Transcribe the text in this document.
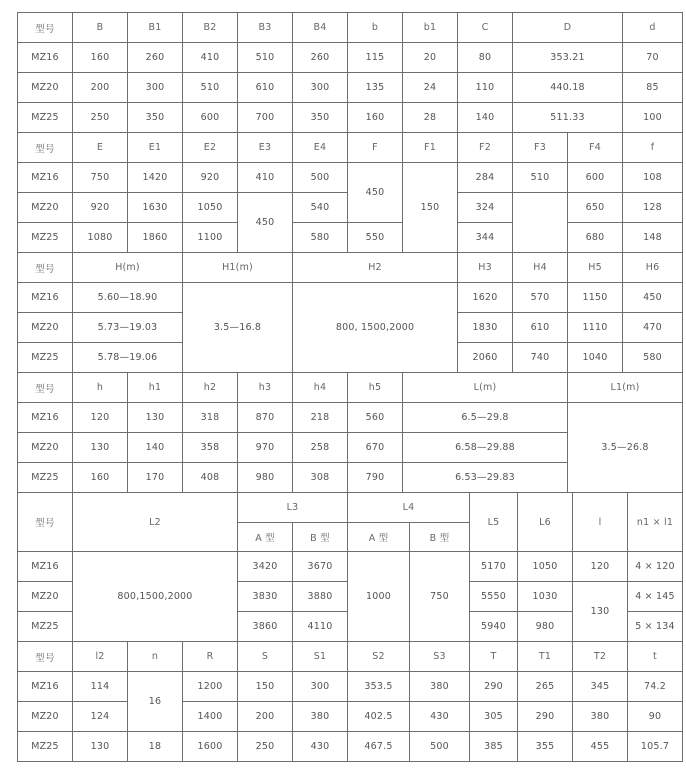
型号	B	B1	B2	B3	B4	b	b1	C	D	d
MZ16	160	260	410	510	260	115	20	80	353.21	70
MZ20	200	300	510	610	300	135	24	110	440.18	85
MZ25	250	350	600	700	350	160	28	140	511.33	100
型号	E	E1	E2	E3	E4	F	F1	F2	F3	F4	f
MZ16	750	1420	920	410	500	450	150	284	510	600	108
MZ20	920	1630	1050	450	540			324		650	128
MZ25	1080	1860	1100		580	550		344		680	148
型号	H(m)	H1(m)	H2	H3	H4	H5	H6
MZ16	5.60—18.90	3.5—16.8	800, 1500,2000	1620	570	1150	450
MZ20	5.73—19.03			1830	610	1110	470
MZ25	5.78—19.06			2060	740	1040	580
型号	h	h1	h2	h3	h4	h5	L(m)	L1(m)
MZ16	120	130	318	870	218	560	6.5—29.8	3.5—26.8
MZ20	130	140	358	970	258	670	6.58—29.88	
MZ25	160	170	408	980	308	790	6.53—29.83	
型号	L2	L3		L4		L5	L6	l	n1 × l1
		A 型	B 型	A 型	B 型				
MZ16	800,1500,2000	3420	3670	1000	750	5170	1050	120	4 × 120
MZ20		3830	3880			5550	1030	130	4 × 145
MZ25		3860	4110			5940	980		5 × 134
型号	l2	n	R	S	S1	S2	S3	T	T1	T2	t
MZ16	114	16	1200	150	300	353.5	380	290	265	345	74.2
MZ20	124		1400	200	380	402.5	430	305	290	380	90
MZ25	130	18	1600	250	430	467.5	500	385	355	455	105.7
